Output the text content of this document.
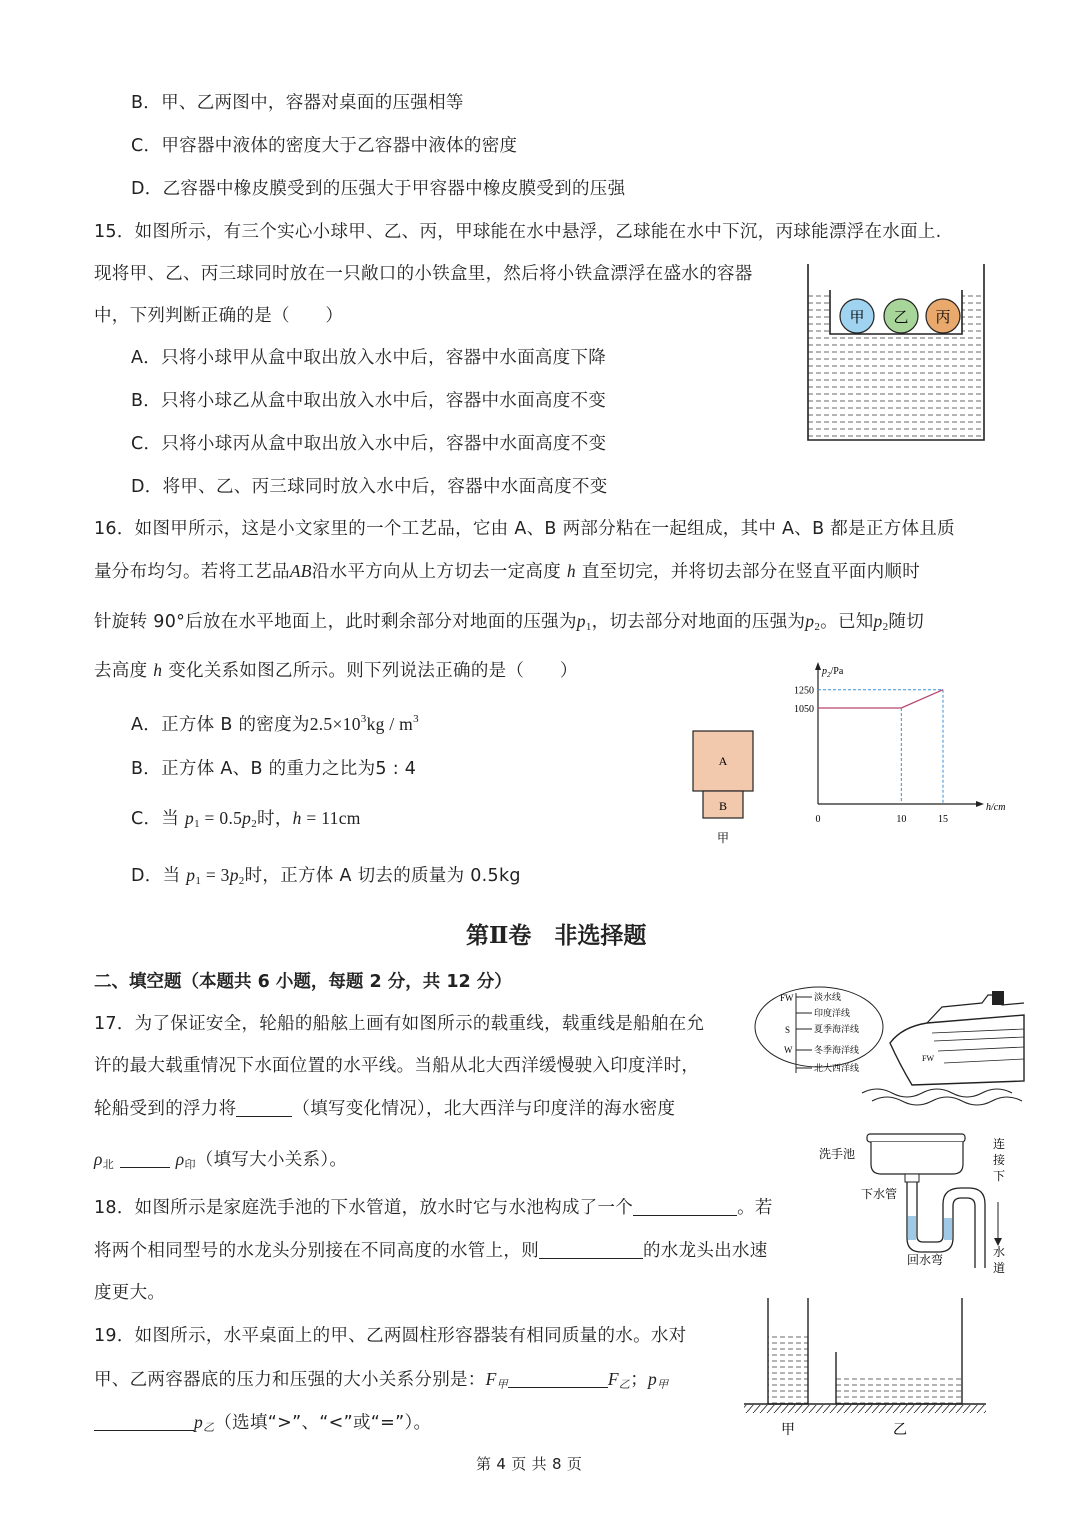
B．甲、乙两图中，容器对桌面的压强相等
C．甲容器中液体的密度大于乙容器中液体的密度
D．乙容器中橡皮膜受到的压强大于甲容器中橡皮膜受到的压强
15．如图所示，有三个实心小球甲、乙、丙，甲球能在水中悬浮，乙球能在水中下沉，丙球能漂浮在水面上.
现将甲、乙、丙三球同时放在一只敞口的小铁盒里，然后将小铁盒漂浮在盛水的容器
中，下列判断正确的是（　　）
A．只将小球甲从盒中取出放入水中后，容器中水面高度下降
B．只将小球乙从盒中取出放入水中后，容器中水面高度不变
C．只将小球丙从盒中取出放入水中后，容器中水面高度不变
D．将甲、乙、丙三球同时放入水中后，容器中水面高度不变
甲 乙 丙
16．如图甲所示，这是小文家里的一个工艺品，它由 A、B 两部分粘在一起组成，其中 A、B 都是正方体且质
量分布均匀。若将工艺品AB沿水平方向从上方切去一定高度 h 直至切完，并将切去部分在竖直平面内顺时
针旋转 90°后放在水平地面上，此时剩余部分对地面的压强为$p_1$，切去部分对地面的压强为$p_2$。已知$p_2$随切
去高度 h 变化关系如图乙所示。则下列说法正确的是（　　）
A．正方体 B 的密度为$2.5\times 10^3kg / m^3$
B．正方体 A、B 的重力之比为5 : 4
C．当 $p_1 = 0.5p_2$时，h = 11cm
D．当 $p_1 = 3p_2$时，正方体 A 切去的质量为 0.5kg
A
B
甲
$p_2/Pa$
h/cm
0	10	15
1250
1050
第Ⅱ卷　非选择题
二、填空题（本题共 6 小题，每题 2 分，共 12 分）
17．为了保证安全，轮船的船舷上画有如图所示的载重线，载重线是船舶在允
许的最大载重情况下水面位置的水平线。当船从北大西洋缓慢驶入印度洋时，
轮船受到的浮力将	（填写变化情况），北大西洋与印度洋的海水密度
$\rho_北$	$\rho_印$（填写大小关系）。
FW
S
W
淡水线
印度洋线
夏季海洋线
冬季海洋线
北大西洋线
FW
18．如图所示是家庭洗手池的下水管道，放水时它与水池构成了一个	。若
将两个相同型号的水龙头分别接在不同高度的水管上，则	的水龙头出水速
度更大。
洗手池
下水管
回水弯
连
接
下
水
道
19．如图所示，水平桌面上的甲、乙两圆柱形容器装有相同质量的水。水对
甲、乙两容器底的压力和压强的大小关系分别是：$F_甲$	$F_乙$；$p_甲$
$p_乙$（选填“>”、“<”或“=”）。	甲	乙
第 4 页 共 8 页
